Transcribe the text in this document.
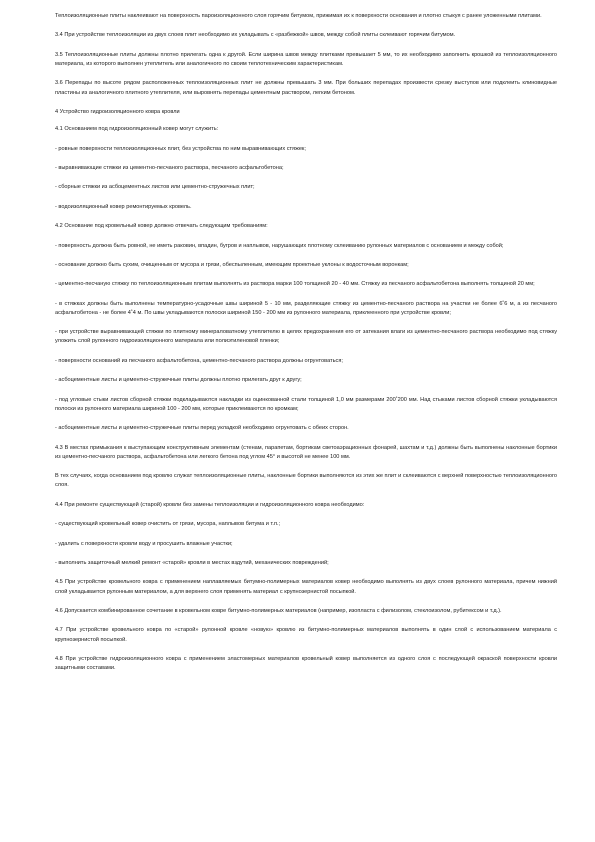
Теплоизоляционные плиты наклеивают на поверхность пароизоляционного слоя горячим битумом, прижимая их к поверхности основания и плотно стыкуя с ранее уложенными плитами.

3.4 При устройстве теплоизоляции из двух слоев плит необходимо их укладывать с «разбежкой» швов, между собой плиты склеивают горячим битумом.

3.5 Теплоизоляционные плиты должны плотно прилегать одна к другой. Если ширина швов между плитками превышает 5 мм, то их необходимо заполнить крошкой из теплоизоляционного материала, из которого выполнен утеплитель или аналогичного по своим теплотехническим характеристикам.

3.6 Перепады по высоте рядом расположенных теплоизоляционных плит не должны превышать 3 мм. При больших перепадах произвести срезку выступов или подклеить клиновидные пластины из аналогичного плитного утеплителя, или выровнять перепады цементным раствором, легким бетоном.

4 Устройство гидроизоляционного ковра кровли

4.1 Основанием под гидроизоляционный ковер могут служить:

- ровные поверхности теплоизоляционных плит, без устройства по ним выравнивающих стяжек;

- выравнивающие стяжки из цементно-песчаного раствора, песчаного асфальтобетона;

- сборные стяжки из асбоцементных листов или цементно-стружечных плит;

- водоизоляционный ковер ремонтируемых кровель.

4.2 Основание под кровельный ковер должно отвечать следующим требованиям:

- поверхность должна быть ровной, не иметь раковин, впадин, бугров и наплывов, нарушающих плотному склеиванию рулонных материалов с основанием и между собой;

- основание должно быть сухим, очищенным от мусора и грязи, обеспыленным, имеющим проектные уклоны к водосточным воронкам;

- цементно-песчаную стяжку по теплоизоляционным плитам выполнять из раствора марки 100 толщиной 20 - 40 мм. Стяжку из песчаного асфальтобетона выполнять толщиной 20 мм;

- в стяжках должны быть выполнены температурно-усадочные швы шириной 5 - 10 мм, разделяющие стяжку из цементно-песчаного раствора на участки не более 6˚6 м, а из песчаного асфальтобетона - не более 4˚4 м. По швы укладываются полоски шириной 150 - 200 мм из рулонного материала, приклеенного при устройстве кровли;

- при устройстве выравнивающей стяжки по плитному минераловатному утеплителю в целях предохранения его от затекания влаги из цементно-песчаного раствора необходимо под стяжку уложить слой рулонного гидроизоляционного материала или полиэтиленовой пленки;

- поверхности оснований из песчаного асфальтобетона, цементно-песчаного раствора должны огрунтоваться;

- асбоцементные листы и цементно-стружечные плиты должны плотно прилегать друг к другу;

- под угловые стыки листов сборной стяжки подкладываются накладки из оцинкованной стали толщиной 1,0 мм размерами 200˚200 мм. Над стыками листов сборной стяжки укладываются полоски из рулонного материала шириной 100 - 200 мм, которые приклеиваются по кромкам;

- асбоцементные листы и цементно-стружечные плиты перед укладкой необходимо огрунтовать с обеих сторон.

4.3 В местах примыкания к выступающим конструктивным элементам (стенам, парапетам, бортикам светоаэрационных фонарей, шахтам и т.д.) должны быть выполнены наклонные бортики из цементно-песчаного раствора, асфальтобетона или легкого бетона под углом 45° и высотой не менее 100 мм.

В тех случаях, когда основанием под кровлю служат теплоизоляционные плиты, наклонные бортики выполняются из этих же плит и склеиваются с верхней поверхностью теплоизоляционного слоя.

4.4 При ремонте существующей (старой) кровли без замены теплоизоляции и гидроизоляционного ковра необходимо:

- существующий кровельный ковер очистить от грязи, мусора, наплывов битума и т.п.;

- удалить с поверхности кровли воду и просушить влажные участки;

- выполнить защиточный мелкий ремонт «старой» кровли в местах вздутий, механических повреждений;

4.5 При устройстве кровельного ковра с применением наплавляемых битумно-полимерных материалов ковер необходимо выполнять из двух слоев рулонного материала, причем нижний слой укладывается рулонным материалом, а для верхнего слоя применять материал с крупнозернистой посыпкой.

4.6 Допускается комбинированное сочетание в кровельном ковре битумно-полимерных материалов (например, изопласта с филизолом, стеклоизолом, рубитексом и т.д.).

4.7 При устройстве кровельного ковра по «старой» рулонной кровле «новую» кровлю из битумно-полимерных материалов выполнять в один слой с использованием материала с крупнозернистой посыпкой.

4.8 При устройстве гидроизоляционного ковра с применением эластомерных материалов кровельный ковер выполняется из одного слоя с последующей окраской поверхности кровли защитными составами.
